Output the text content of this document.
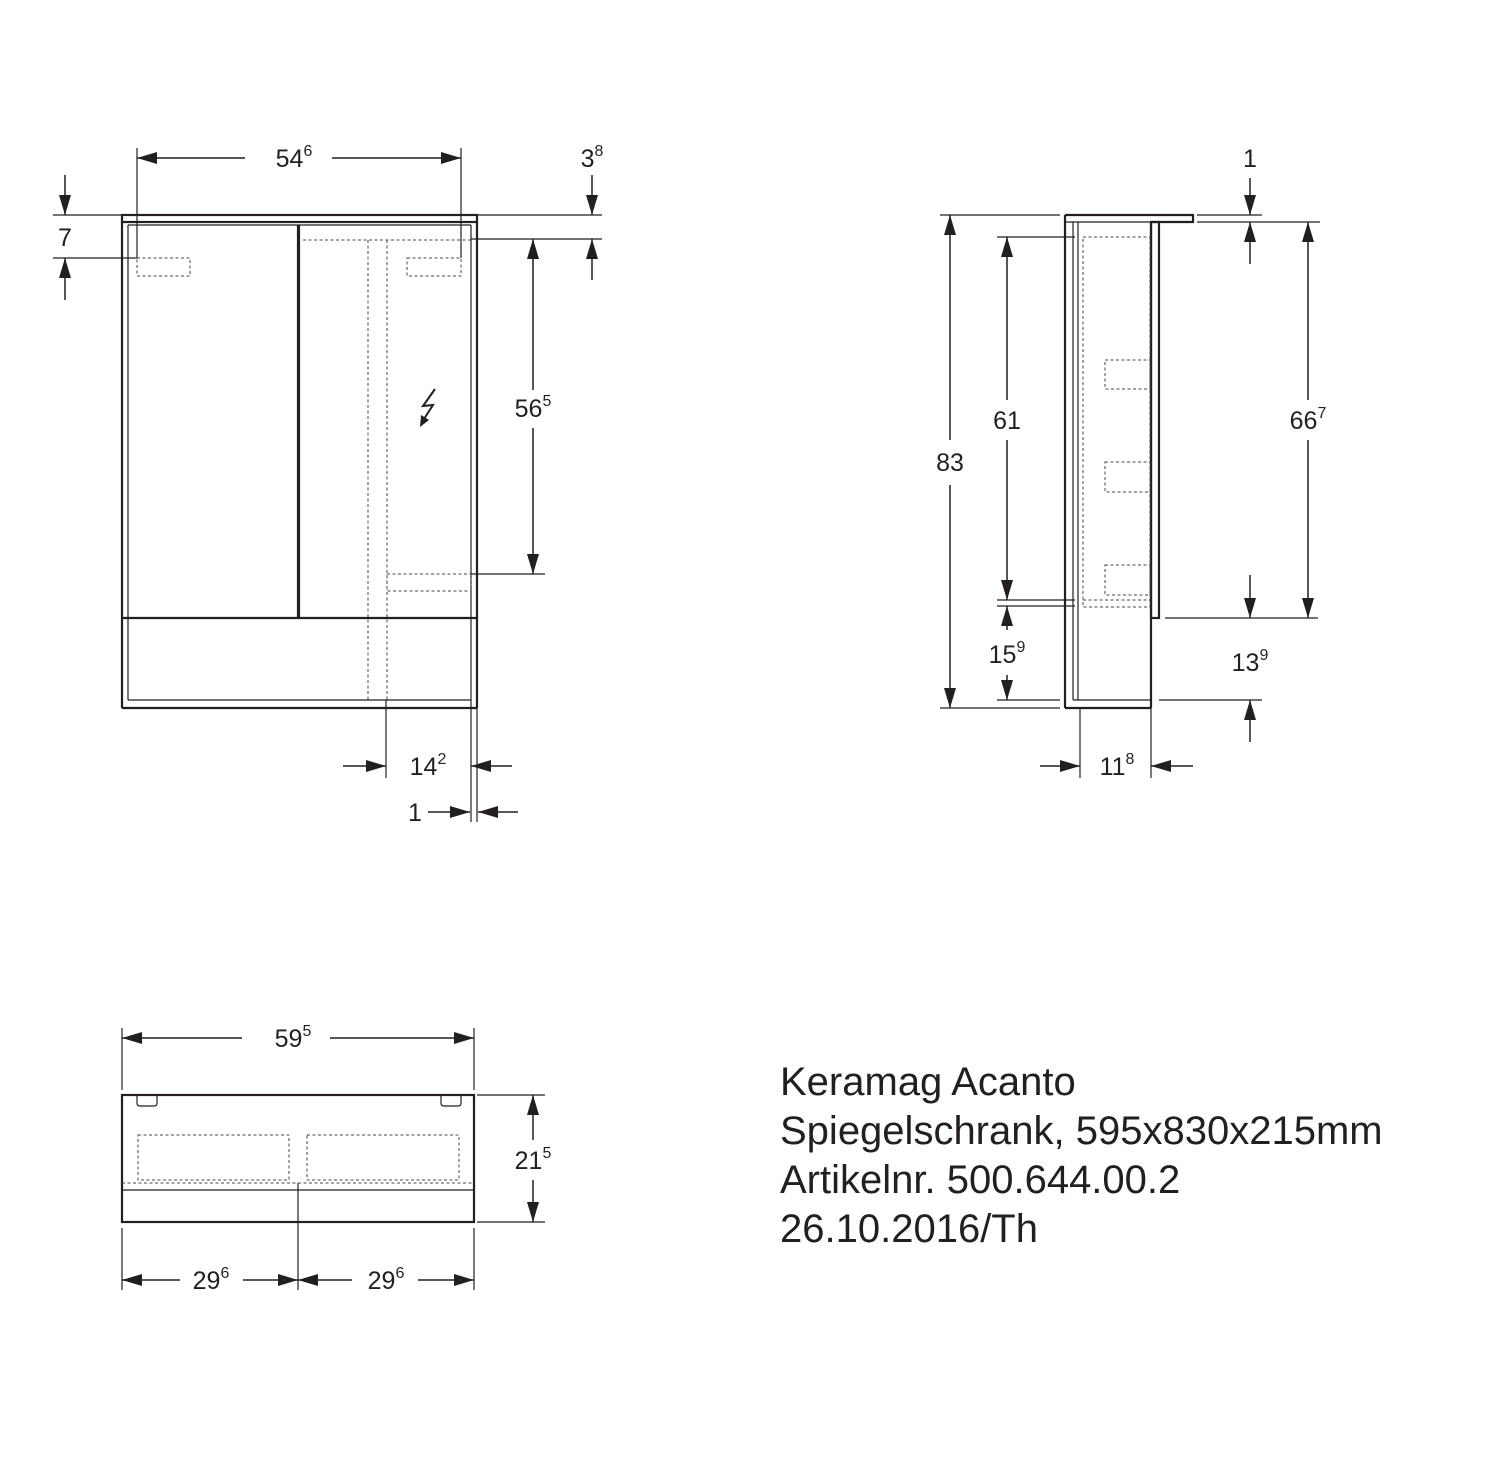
$54^6$	$3^8$
7
$56^5$
$14^2$
1
1
83
61
$15^9$
$66^7$
$13^9$
$11^8$
$59^5$
$21^5$
$29^6$	$29^6$
Keramag Acanto
Spiegelschrank, 595x830x215mm
Artikelnr. 500.644.00.2
26.10.2016/Th
